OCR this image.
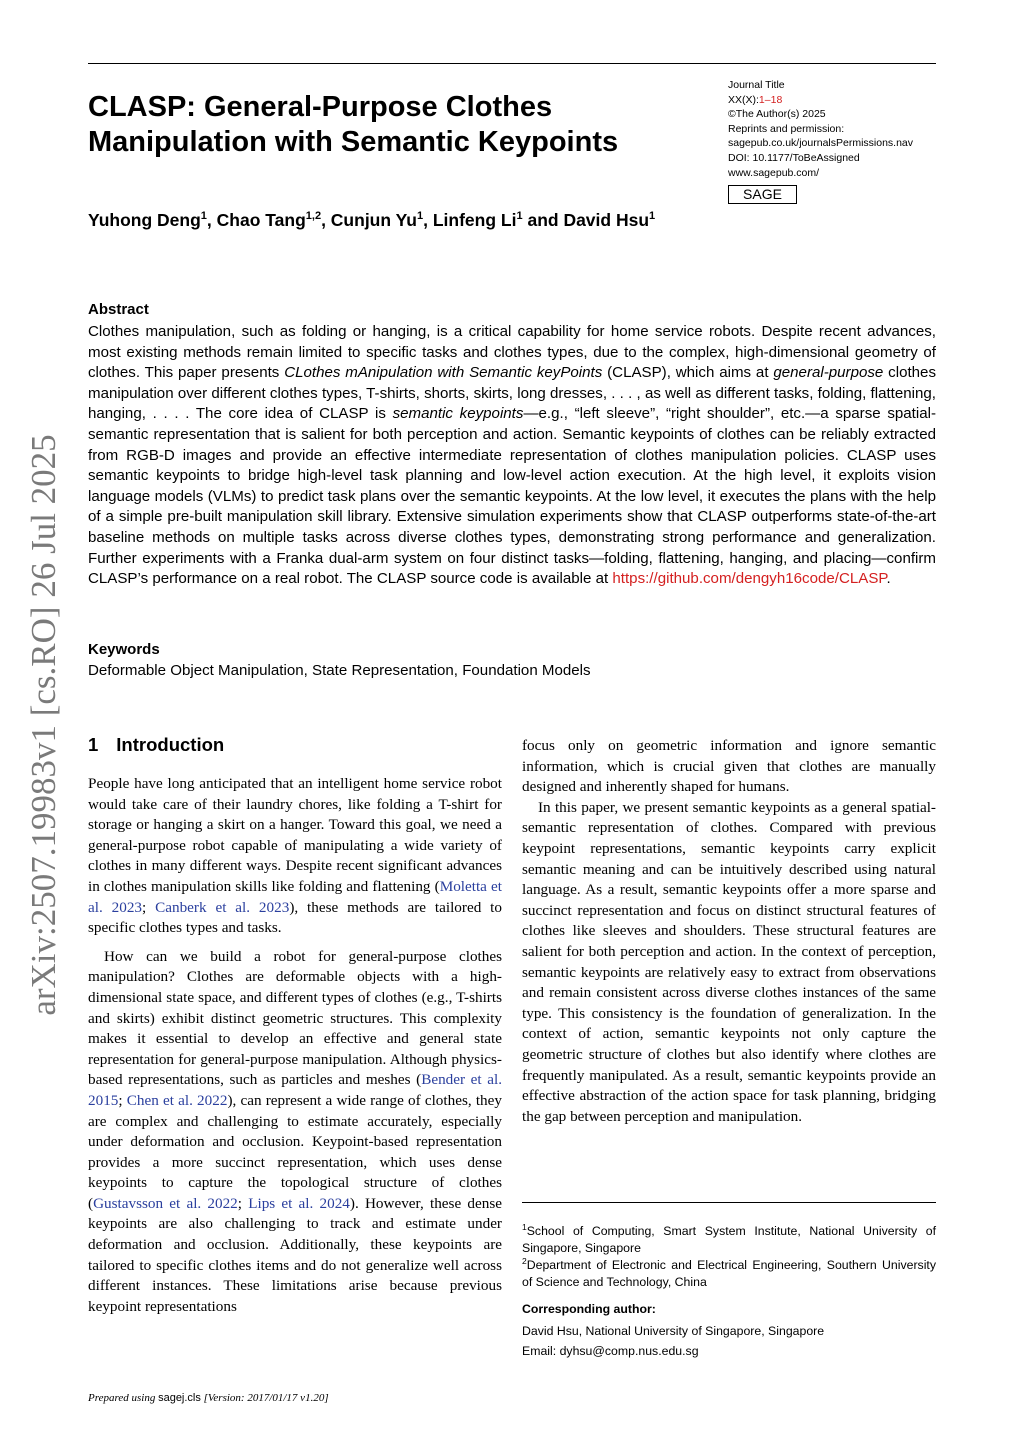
CLASP: General-Purpose Clothes
Manipulation with Semantic Keypoints
Journal Title
XX(X):1–18
©The Author(s) 2025
Reprints and permission:
sagepub.co.uk/journalsPermissions.nav
DOI: 10.1177/ToBeAssigned
www.sagepub.com/
SAGE
Yuhong Deng$^1$, Chao Tang$^{1,2}$, Cunjun Yu$^1$, Linfeng Li$^1$ and David Hsu$^1$
Abstract
Clothes manipulation, such as folding or hanging, is a critical capability for home service robots. Despite recent advances, most existing methods remain limited to specific tasks and clothes types, due to the complex, high-dimensional geometry of clothes. This paper presents CLothes mAnipulation with Semantic keyPoints (CLASP), which aims at general-purpose clothes manipulation over different clothes types, T-shirts, shorts, skirts, long dresses, . . . , as well as different tasks, folding, flattening, hanging, . . . . The core idea of CLASP is semantic keypoints—e.g., “left sleeve”, “right shoulder”, etc.—a sparse spatial-semantic representation that is salient for both perception and action. Semantic keypoints of clothes can be reliably extracted from RGB-D images and provide an effective intermediate representation of clothes manipulation policies. CLASP uses semantic keypoints to bridge high-level task planning and low-level action execution. At the high level, it exploits vision language models (VLMs) to predict task plans over the semantic keypoints. At the low level, it executes the plans with the help of a simple pre-built manipulation skill library. Extensive simulation experiments show that CLASP outperforms state-of-the-art baseline methods on multiple tasks across diverse clothes types, demonstrating strong performance and generalization. Further experiments with a Franka dual-arm system on four distinct tasks—folding, flattening, hanging, and placing—confirm CLASP’s performance on a real robot. The CLASP source code is available at https://github.com/dengyh16code/CLASP.
Keywords
Deformable Object Manipulation, State Representation, Foundation Models
1 Introduction

People have long anticipated that an intelligent home service robot would take care of their laundry chores, like folding a T-shirt for storage or hanging a skirt on a hanger. Toward this goal, we need a general-purpose robot capable of manipulating a wide variety of clothes in many different ways. Despite recent significant advances in clothes manipulation skills like folding and flattening (Moletta et al. 2023; Canberk et al. 2023), these methods are tailored to specific clothes types and tasks.

How can we build a robot for general-purpose clothes manipulation? Clothes are deformable objects with a high-dimensional state space, and different types of clothes (e.g., T-shirts and skirts) exhibit distinct geometric structures. This complexity makes it essential to develop an effective and general state representation for general-purpose manipulation. Although physics-based representations, such as particles and meshes (Bender et al. 2015; Chen et al. 2022), can represent a wide range of clothes, they are complex and challenging to estimate accurately, especially under deformation and occlusion. Keypoint-based representation provides a more succinct representation, which uses dense keypoints to capture the topological structure of clothes (Gustavsson et al. 2022; Lips et al. 2024). However, these dense keypoints are also challenging to track and estimate under deformation and occlusion. Additionally, these keypoints are tailored to specific clothes items and do not generalize well across different instances. These limitations arise because previous keypoint representations

focus only on geometric information and ignore semantic information, which is crucial given that clothes are manually designed and inherently shaped for humans.

In this paper, we present semantic keypoints as a general spatial-semantic representation of clothes. Compared with previous keypoint representations, semantic keypoints carry explicit semantic meaning and can be intuitively described using natural language. As a result, semantic keypoints offer a more sparse and succinct representation and focus on distinct structural features of clothes like sleeves and shoulders. These structural features are salient for both perception and action. In the context of perception, semantic keypoints are relatively easy to extract from observations and remain consistent across diverse clothes instances of the same type. This consistency is the foundation of generalization. In the context of action, semantic keypoints not only capture the geometric structure of clothes but also identify where clothes are frequently manipulated. As a result, semantic keypoints provide an effective abstraction of the action space for task planning, bridging the gap between perception and manipulation.

$^1$School of Computing, Smart System Institute, National University of Singapore, Singapore
$^2$Department of Electronic and Electrical Engineering, Southern University of Science and Technology, China
Corresponding author:
David Hsu, National University of Singapore, Singapore
Email: dyhsu@comp.nus.edu.sg
Prepared using sagej.cls [Version: 2017/01/17 v1.20]
arXiv:2507.19983v1 [cs.RO] 26 Jul 2025
